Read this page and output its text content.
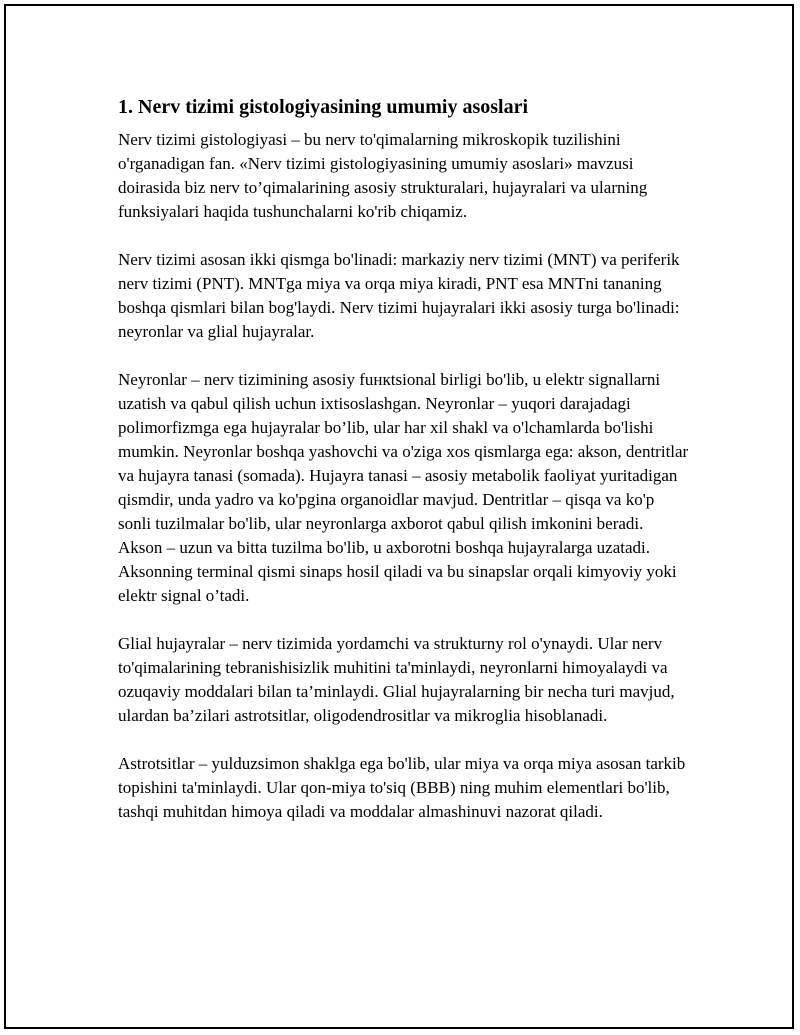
1. Nerv tizimi gistologiyasining umumiy asoslari

Nerv tizimi gistologiyasi – bu nerv to'qimalarning mikroskopik tuzilishini o'rganadigan fan. «Nerv tizimi gistologiyasining umumiy asoslari» mavzusi doirasida biz nerv to’qimalarining asosiy strukturalari, hujayralari va ularning funksiyalari haqida tushunchalarni ko'rib chiqamiz.

Nerv tizimi asosan ikki qismga bo'linadi: markaziy nerv tizimi (MNT) va periferik nerv tizimi (PNT). MNTga miya va orqa miya kiradi, PNT esa MNTni tananing boshqa qismlari bilan bog'laydi. Nerv tizimi hujayralari ikki asosiy turga bo'linadi: neyronlar va glial hujayralar.

Neyronlar – nerv tizimining asosiy fuнкtsional birligi bo'lib, u elektr signallarni uzatish va qabul qilish uchun ixtisoslashgan. Neyronlar – yuqori darajadagi polimorfizmga ega hujayralar bo’lib, ular har xil shakl va o'lchamlarda bo'lishi mumkin. Neyronlar boshqa yashovchi va o'ziga xos qismlarga ega: akson, dentritlar va hujayra tanasi (somada). Hujayra tanasi – asosiy metabolik faoliyat yuritadigan qismdir, unda yadro va ko'pgina organoidlar mavjud. Dentritlar – qisqa va ko'p sonli tuzilmalar bo'lib, ular neyronlarga axborot qabul qilish imkonini beradi. Akson – uzun va bitta tuzilma bo'lib, u axborotni boshqa hujayralarga uzatadi. Aksonning terminal qismi sinaps hosil qiladi va bu sinapslar orqali kimyoviy yoki elektr signal o’tadi.

Glial hujayralar – nerv tizimida yordamchi va strukturny rol o'ynaydi. Ular nerv to'qimalarining tebranishisizlik muhitini ta'minlaydi, neyronlarni himoyalaydi va ozuqaviy moddalari bilan ta’minlaydi. Glial hujayralarning bir necha turi mavjud, ulardan ba’zilari astrotsitlar, oligodendrositlar va mikroglia hisoblanadi.

Astrotsitlar – yulduzsimon shaklga ega bo'lib, ular miya va orqa miya asosan tarkib topishini ta'minlaydi. Ular qon-miya to'siq (BBB) ning muhim elementlari bo'lib, tashqi muhitdan himoya qiladi va moddalar almashinuvi nazorat qiladi.
